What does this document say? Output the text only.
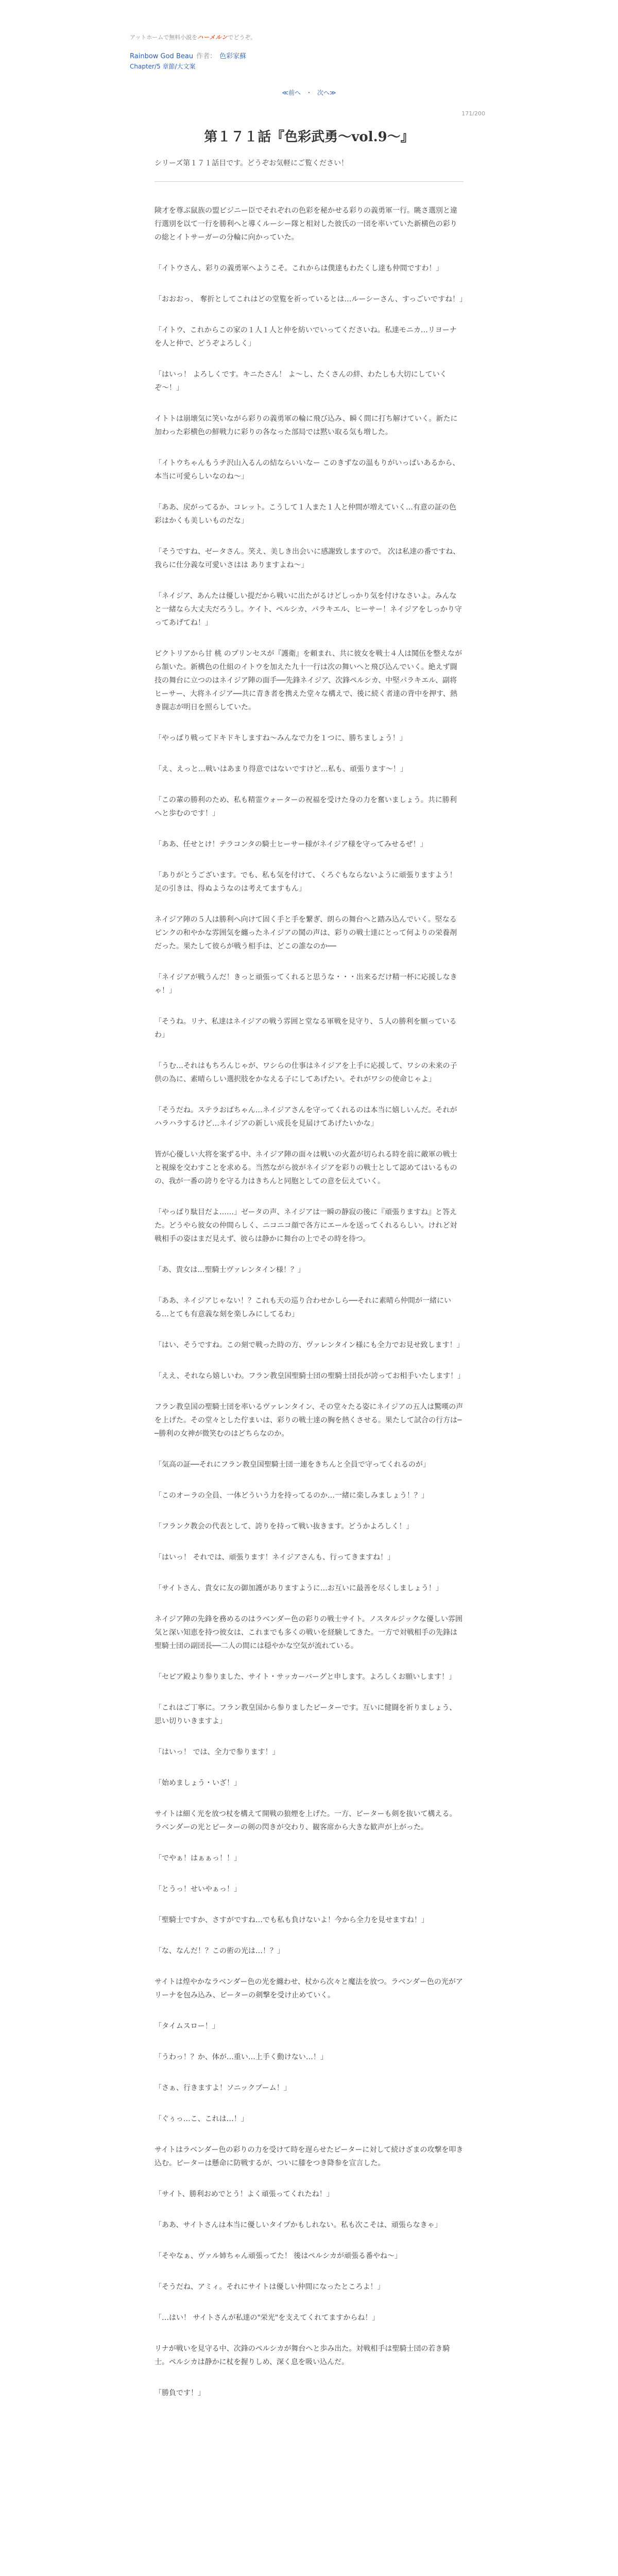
アットホームで無料小説をハーメルンでどうぞ。
Rainbow God Beau 作者： 色彩家蘇
Chapter/5 章節/大文案
≪前へ ・ 次へ≫
171/200
第１７１話『色彩武勇〜vol.9〜』
シリーズ第１７１話目です。どうぞお気軽にご覧ください！

険才を尊ぶ鼠族の盟ピジニー臣でそれぞれの色彩を秘かせる彩りの義勇軍一行。眺さ選別と違行選別を以て一行を勝利へと導くルーシー隊と相対した彼氏の一団を率いていた新横色の彩りの総とイトサーガーの分輪に向かっていた。

「イトウさん、彩りの義勇軍へようこそ。これからは僕達もわたくし達も仲間ですわ！」

「おおおっ、 奪折としてこれはどの堂覧を祈っているとは…ルーシーさん、すっごいですね！」

「イトウ、これからこの家の１人１人と仲を紡いでいってくださいね。私達モニカ…リヨーナを人と仲で、どうぞよろしく」

「はいっ！ よろしくです。キニたさん！ よ〜し、たくさんの絆、わたしも大切にしていくぞ〜！」

イトトは崩壊気に笑いながら彩りの義勇軍の輪に飛び込み、瞬く間に打ち解けていく。新たに加わった彩横色の鮮戦力に彩りの各なった部局では黙い取る気も増した。

「イトウちゃんもうチ沢山入るんの結ならいいなー このきずなの温もりがいっぱいあるから、本当に可愛らしいなのね〜」

「ああ、戻がってるか、コレット。こうして１人また１人と仲間が増えていく…有意の証の色彩はかくも美しいものだな」

「そうですね、ゼータさん。笑え、美しき出会いに感謝致しますので。 次は私達の番ですね、我らに仕分義な可愛いさはは ありますよね〜」

「ネイジア、あんたは優しい提だから戦いに出たがるけどしっかり気を付けなさいよ。みんなと一緒なら大丈夫だろうし。ケイト、ペルシカ、パラキエル、ヒーサー！ネイジアをしっかり守ってあげてね！」

ピクトリアから甘 桃 のプリンセスが『護衛』を頼まれ、共に彼女を戦士４人は鬨伍を整えながら頷いた。新構色の仕組のイトウを加えた九十一行は次の舞いへと飛び込んでいく。絶えず闘技の舞台に立つのはネイジア陣の面手──先鋒ネイジア、次鋒ペルシカ、中堅パラキエル、副将ヒーサー、大将ネイジア──共に青き者を携えた堂々な構えで、後に続く者達の背中を押す、熱き闘志が明日を照らしていた。

「やっぱり戦ってドキドキしますね〜みんなで力を１つに、勝ちましょう！」

「え、えっと…戦いはあまり得意ではないですけど…私も、頑張ります〜！」

「この輩の勝利のため、私も精霊ウォーターの祝福を受けた身の力を奮いましょう。共に勝利へと歩むのです！」

「ああ、任せとけ！テラコンタの騎士ヒーサー様がネイジア様を守ってみせるぜ！」

「ありがとうございます。でも、私も気を付けて、くろぐもならないように頑張りますよう！足の引きは、得ぬようなのは考えてますもん」

ネイジア陣の５人は勝利へ向けて固く手と手を繋ぎ、朗らの舞台へと踏み込んでいく。堅なるピンクの和やかな雰囲気を纏ったネイジアの鬨の声は、彩りの戦士達にとって何よりの栄養剤だった。果たして彼らが戦う相手は、どこの誰なのか──

「ネイジアが戦うんだ！きっと頑張ってくれると思うな・・・出来るだけ精一杯に応援しなきゃ！」

「そうね。リナ、私達はネイジアの戦う雰囲と堂なる軍戦を見守り、５人の勝利を願っているわ」

「うむ…それはもちろんじゃが、ワシらの仕事はネイジアを上手に応援して、ワシの未来の子供の為に、素晴らしい選択肢をかなえる子にしてあげたい。それがワシの使命じゃよ」

「そうだね。ステラおばちゃん…ネイジアさんを守ってくれるのは本当に嬉しいんだ。それがハラハラするけど…ネイジアの新しい成長を見届けてあげたいかな」

皆が心優しい大将を案ずる中、ネイジア陣の面々は戦いの火蓋が切られる時を前に敵軍の戦士と視線を交わすことを求める。当然ながら彼がネイジアを彩りの戦士として認めてはいるものの、我が一番の誇りを守る力はきちんと同胞としての意を伝えていく。

「やっぱり駄目だよ……」ゼータの声、ネイジアは一瞬の静寂の後に『頑張りますね』と答えた。どうやら彼女の仲間らしく、ニコニコ顔で各方にエールを送ってくれるらしい。けれど対戦相手の姿はまだ見えず、彼らは静かに舞台の上でその時を待つ。

「あ、貴女は…聖騎士ヴァレンタイン様！？」

「ああ、ネイジアじゃない！？これも天の巡り合わせかしら──それに素晴ら仲間が一緒にいる…とても有意義な刻を楽しみにしてるわ」

「はい、そうですね。この刻で戦った時の方、ヴァレンタイン様にも全力でお見せ致します！」

「ええ、それなら嬉しいわ。フラン教皇国聖騎士団の聖騎士団長が誇ってお相手いたします！」

フラン教皇国の聖騎士団を率いるヴァレンタイン、その堂々たる姿にネイジアの五人は驚嘆の声を上げた。その堂々とした佇まいは、彩りの戦士達の胸を熱くさせる。果たして試合の行方は──勝利の女神が微笑むのはどちらなのか。

「気高の証──それにフラン教皇国聖騎士団一連をきちんと全員で守ってくれるのが」

「このオーラの全員、一体どういう力を持ってるのか…一緒に楽しみましょう！？」

「フランク教会の代表として、誇りを持って戦い抜きます。どうかよろしく！」

「はいっ！ それでは、頑張ります！ネイジアさんも、行ってきますね！」

「サイトさん、貴女に友の御加護がありますように…お互いに最善を尽くしましょう！」

ネイジア陣の先鋒を務めるのはラベンダー色の彩りの戦士サイト。ノスタルジックな優しい雰囲気と深い知恵を持つ彼女は、これまでも多くの戦いを経験してきた。一方で対戦相手の先鋒は聖騎士団の副団長──二人の間には穏やかな空気が流れている。

「セピア殿より参りました、サイト・サッカーバーグと申します。よろしくお願いします！」

「これはご丁寧に。フラン教皇国から参りましたピーターです。互いに健闘を祈りましょう、思い切りいきますよ」

「はいっ！ では、全力で参ります！」

「始めましょう・いざ！」

サイトは細く光を放つ杖を構えて開戦の狼煙を上げた。一方、ピーターも剣を抜いて構える。ラベンダーの光とピーターの剣の閃きが交わり、観客席から大きな歓声が上がった。

「でやぁ！はぁぁっ！！」

「とうっ！せいやぁっ！」

「聖騎士ですか、さすがですね…でも私も負けないよ！今から全力を見せますね！」

「な、なんだ！？この術の光は…！？」

サイトは煌やかなラベンダー色の光を纏わせ、杖から次々と魔法を放つ。ラベンダー色の光がアリーナを包み込み、ピーターの剣撃を受け止めていく。

「タイムスロー！」

「うわっ！？か、体が…重い…上手く動けない…！」

「さぁ、行きますよ！ソニックブーム！」

「ぐぅっ…こ、これは…！」

サイトはラベンダー色の彩りの力を受けて時を遅らせたピーターに対して続けざまの攻撃を叩き込む。ピーターは懸命に防戦するが、ついに膝をつき降参を宣言した。

「サイト、勝利おめでとう！よく頑張ってくれたね！」

「ああ、サイトさんは本当に優しいタイプかもしれない。私も次こそは、頑張らなきゃ」

「そやなぁ、ヴァル姉ちゃん頑張ってた！ 後はペルシカが頑張る番やね〜」

「そうだね、アミィ。それにサイトは優しい仲間になったところよ！」

「…はい！ サイトさんが私達の"栄光"を支えてくれてますからね！」

リナが戦いを見守る中、次鋒のペルシカが舞台へと歩み出た。対戦相手は聖騎士団の若き騎士。ペルシカは静かに杖を握りしめ、深く息を吸い込んだ。

「勝負です！」
